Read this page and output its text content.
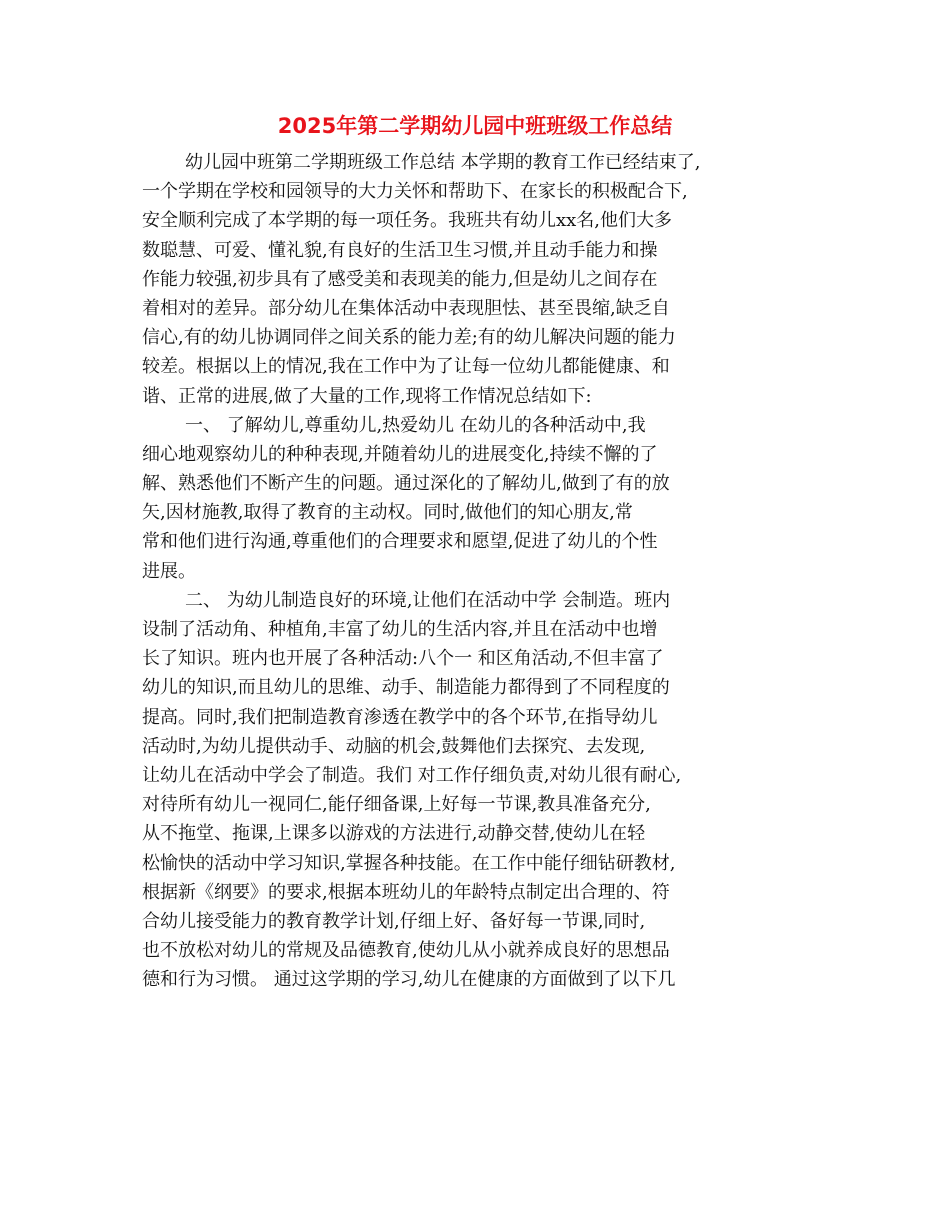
2025年第二学期幼儿园中班班级工作总结
幼儿园中班第二学期班级工作总结 本学期的教育工作已经结束了,
一个学期在学校和园领导的大力关怀和帮助下、在家长的积极配合下,
安全顺利完成了本学期的每一项任务。我班共有幼儿xx名,他们大多
数聪慧、可爱、懂礼貌,有良好的生活卫生习惯,并且动手能力和操
作能力较强,初步具有了感受美和表现美的能力,但是幼儿之间存在
着相对的差异。部分幼儿在集体活动中表现胆怯、甚至畏缩,缺乏自
信心,有的幼儿协调同伴之间关系的能力差;有的幼儿解决问题的能力
较差。根据以上的情况,我在工作中为了让每一位幼儿都能健康、和
谐、正常的进展,做了大量的工作,现将工作情况总结如下:
一、 了解幼儿,尊重幼儿,热爱幼儿 在幼儿的各种活动中,我
细心地观察幼儿的种种表现,并随着幼儿的进展变化,持续不懈的了
解、熟悉他们不断产生的问题。通过深化的了解幼儿,做到了有的放
矢,因材施教,取得了教育的主动权。同时,做他们的知心朋友,常
常和他们进行沟通,尊重他们的合理要求和愿望,促进了幼儿的个性
进展。
二、 为幼儿制造良好的环境,让他们在活动中学 会制造。班内
设制了活动角、种植角,丰富了幼儿的生活内容,并且在活动中也增
长了知识。班内也开展了各种活动:八个一 和区角活动,不但丰富了
幼儿的知识,而且幼儿的思维、动手、制造能力都得到了不同程度的
提高。同时,我们把制造教育渗透在教学中的各个环节,在指导幼儿
活动时,为幼儿提供动手、动脑的机会,鼓舞他们去探究、去发现,
让幼儿在活动中学会了制造。我们 对工作仔细负责,对幼儿很有耐心,
对待所有幼儿一视同仁,能仔细备课,上好每一节课,教具准备充分,
从不拖堂、拖课,上课多以游戏的方法进行,动静交替,使幼儿在轻
松愉快的活动中学习知识,掌握各种技能。在工作中能仔细钻研教材,
根据新《纲要》的要求,根据本班幼儿的年龄特点制定出合理的、符
合幼儿接受能力的教育教学计划,仔细上好、备好每一节课,同时,
也不放松对幼儿的常规及品德教育,使幼儿从小就养成良好的思想品
德和行为习惯。 通过这学期的学习,幼儿在健康的方面做到了以下几
